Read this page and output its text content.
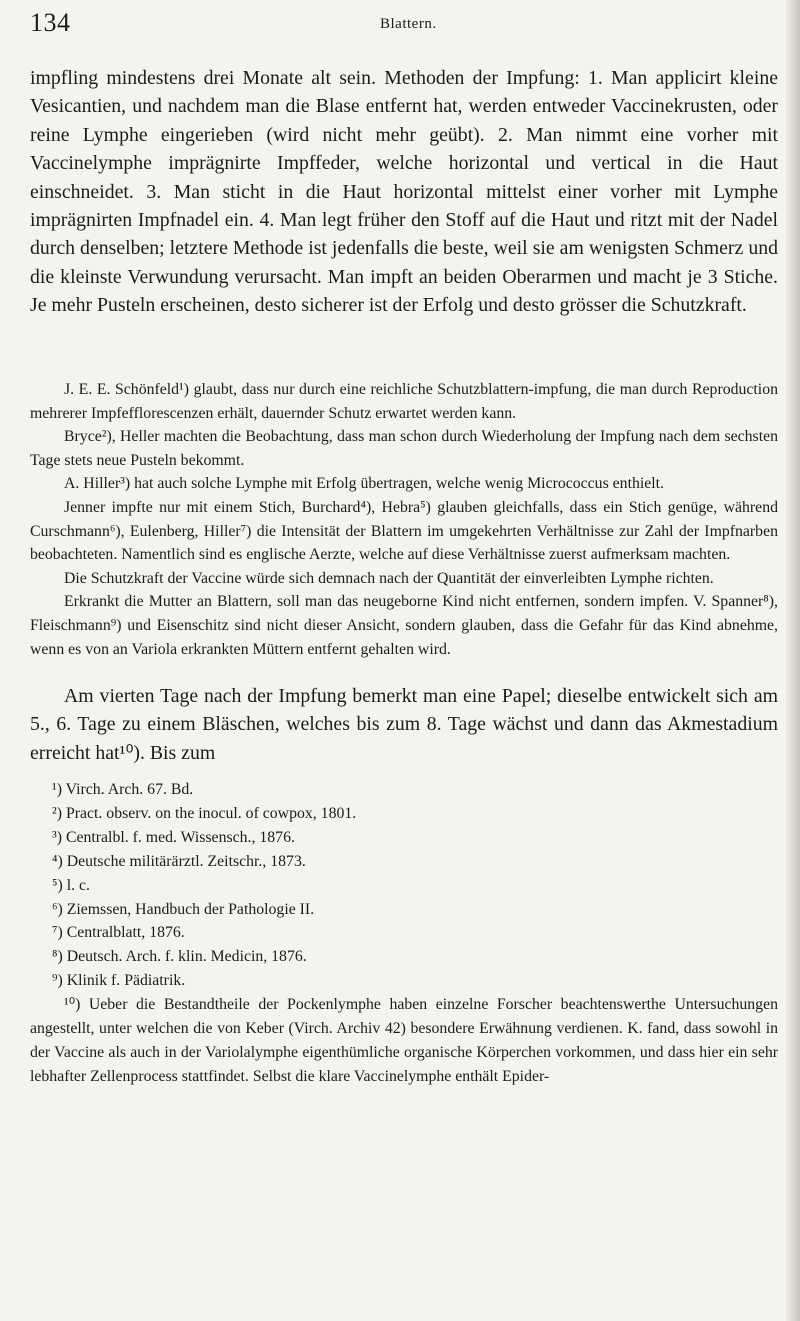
134	Blattern.

impfling mindestens drei Monate alt sein. Methoden der Impfung: 1. Man applicirt kleine Vesicantien, und nachdem man die Blase entfernt hat, werden entweder Vaccinekrusten, oder reine Lymphe eingerieben (wird nicht mehr geübt). 2. Man nimmt eine vorher mit Vaccinelymphe imprägnirte Impffeder, welche horizontal und vertical in die Haut einschneidet. 3. Man sticht in die Haut horizontal mittelst einer vorher mit Lymphe imprägnirten Impfnadel ein. 4. Man legt früher den Stoff auf die Haut und ritzt mit der Nadel durch denselben; letztere Methode ist jedenfalls die beste, weil sie am wenigsten Schmerz und die kleinste Verwundung verursacht. Man impft an beiden Oberarmen und macht je 3 Stiche. Je mehr Pusteln erscheinen, desto sicherer ist der Erfolg und desto grösser die Schutzkraft.

J. E. E. Schönfeld¹) glaubt, dass nur durch eine reichliche Schutzblattern-impfung, die man durch Reproduction mehrerer Impfefflorescenzen erhält, dauernder Schutz erwartet werden kann.

Bryce²), Heller machten die Beobachtung, dass man schon durch Wiederholung der Impfung nach dem sechsten Tage stets neue Pusteln bekommt.

A. Hiller³) hat auch solche Lymphe mit Erfolg übertragen, welche wenig Micrococcus enthielt.

Jenner impfte nur mit einem Stich, Burchard⁴), Hebra⁵) glauben gleichfalls, dass ein Stich genüge, während Curschmann⁶), Eulenberg, Hiller⁷) die Intensität der Blattern im umgekehrten Verhältnisse zur Zahl der Impfnarben beobachteten. Namentlich sind es englische Aerzte, welche auf diese Verhältnisse zuerst aufmerksam machten.

Die Schutzkraft der Vaccine würde sich demnach nach der Quantität der einverleibten Lymphe richten.

Erkrankt die Mutter an Blattern, soll man das neugeborne Kind nicht entfernen, sondern impfen. V. Spanner⁸), Fleischmann⁹) und Eisenschitz sind nicht dieser Ansicht, sondern glauben, dass die Gefahr für das Kind abnehme, wenn es von an Variola erkrankten Müttern entfernt gehalten wird.

Am vierten Tage nach der Impfung bemerkt man eine Papel; dieselbe entwickelt sich am 5., 6. Tage zu einem Bläschen, welches bis zum 8. Tage wächst und dann das Akmestadium erreicht hat¹⁰). Bis zum

¹) Virch. Arch. 67. Bd.

²) Pract. observ. on the inocul. of cowpox, 1801.

³) Centralbl. f. med. Wissensch., 1876.

⁴) Deutsche militärärztl. Zeitschr., 1873.

⁵) l. c.

⁶) Ziemssen, Handbuch der Pathologie II.

⁷) Centralblatt, 1876.

⁸) Deutsch. Arch. f. klin. Medicin, 1876.

⁹) Klinik f. Pädiatrik.

¹⁰) Ueber die Bestandtheile der Pockenlymphe haben einzelne Forscher beachtenswerthe Untersuchungen angestellt, unter welchen die von Keber (Virch. Archiv 42) besondere Erwähnung verdienen. K. fand, dass sowohl in der Vaccine als auch in der Variolalymphe eigenthümliche organische Körperchen vorkommen, und dass hier ein sehr lebhafter Zellenprocess stattfindet. Selbst die klare Vaccinelymphe enthält Epider-
